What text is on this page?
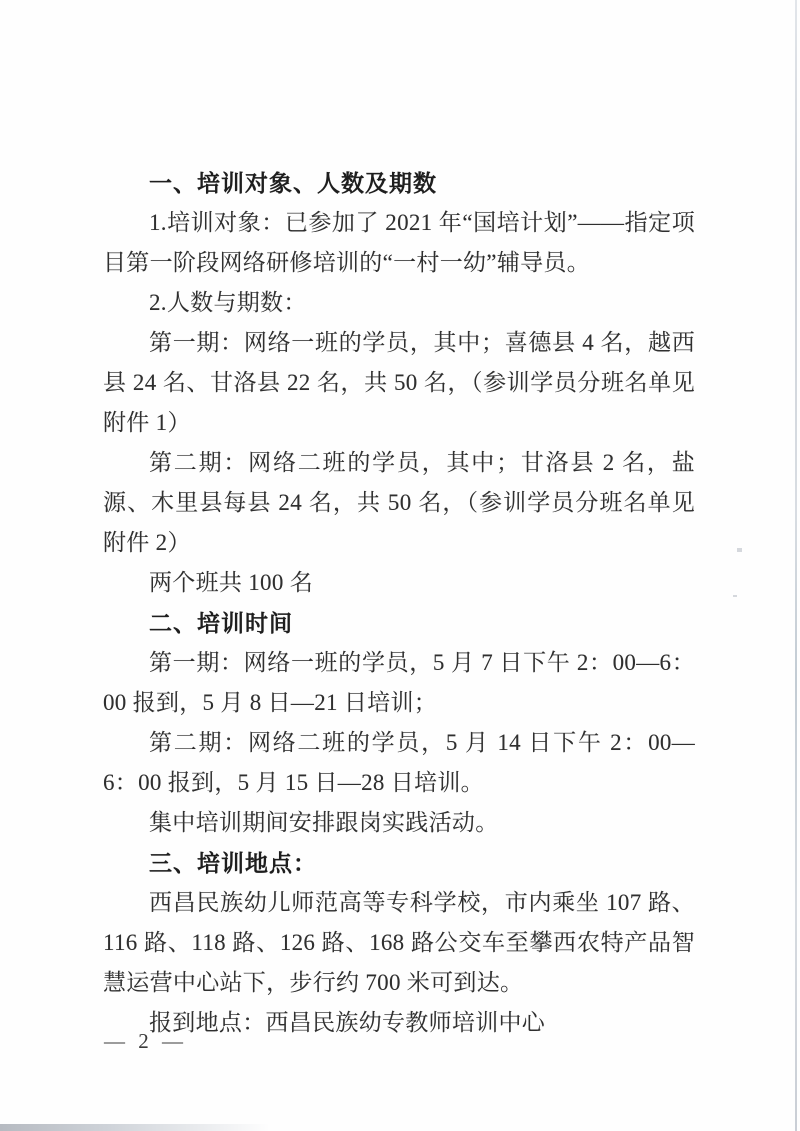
一、培训对象、人数及期数

1.培训对象：已参加了 2021 年“国培计划”——指定项目第一阶段网络研修培训的“一村一幼”辅导员。

2.人数与期数：

第一期：网络一班的学员，其中；喜德县 4 名，越西县 24 名、甘洛县 22 名，共 50 名，（参训学员分班名单见附件 1）

第二期：网络二班的学员，其中；甘洛县 2 名，盐源、木里县每县 24 名，共 50 名，（参训学员分班名单见附件 2）

两个班共 100 名

二、培训时间

第一期：网络一班的学员，5 月 7 日下午 2：00—6：00 报到，5 月 8 日—21 日培训；

第二期：网络二班的学员，5 月 14 日下午 2：00—6：00 报到，5 月 15 日—28 日培训。

集中培训期间安排跟岗实践活动。

三、培训地点：

西昌民族幼儿师范高等专科学校，市内乘坐 107 路、116 路、118 路、126 路、168 路公交车至攀西农特产品智慧运营中心站下，步行约 700 米可到达。

报到地点：西昌民族幼专教师培训中心

— 2 —
